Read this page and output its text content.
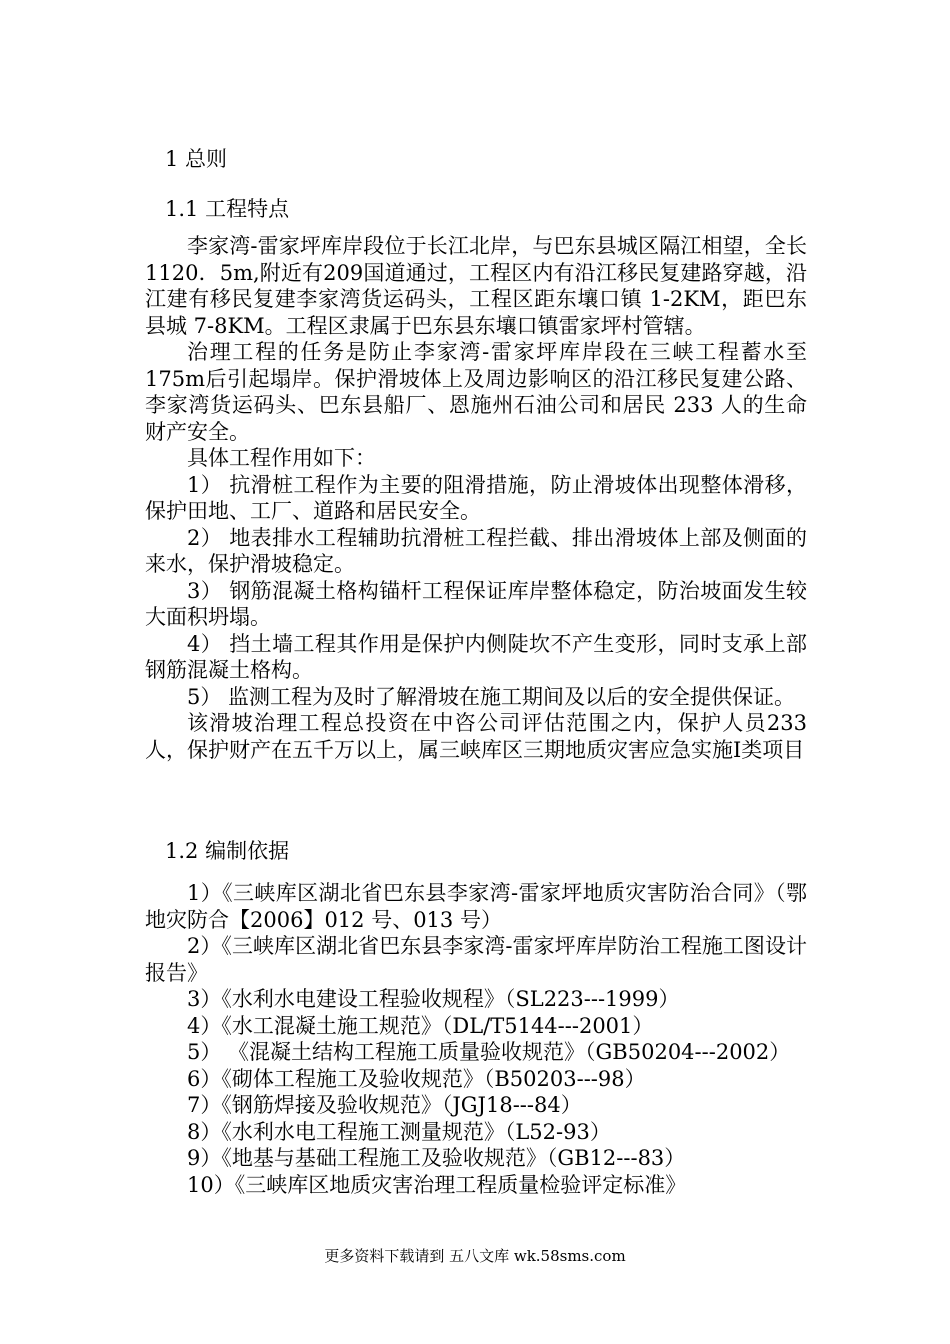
1 总则
1.1 工程特点

李家湾-雷家坪库岸段位于长江北岸，与巴东县城区隔江相望，全长1120．5m,附近有209国道通过，工程区内有沿江移民复建路穿越，沿江建有移民复建李家湾货运码头，工程区距东壤口镇 1-2KM，距巴东县城 7-8KM。工程区隶属于巴东县东壤口镇雷家坪村管辖。

治理工程的任务是防止李家湾-雷家坪库岸段在三峡工程蓄水至175m后引起塌岸。保护滑坡体上及周边影响区的沿江移民复建公路、李家湾货运码头、巴东县船厂、恩施州石油公司和居民 233 人的生命财产安全。

具体工程作用如下：

1） 抗滑桩工程作为主要的阻滑措施，防止滑坡体出现整体滑移，保护田地、工厂、道路和居民安全。

2） 地表排水工程辅助抗滑桩工程拦截、排出滑坡体上部及侧面的来水，保护滑坡稳定。

3） 钢筋混凝土格构锚杆工程保证库岸整体稳定，防治坡面发生较大面积坍塌。

4） 挡土墙工程其作用是保护内侧陡坎不产生变形，同时支承上部钢筋混凝土格构。

5） 监测工程为及时了解滑坡在施工期间及以后的安全提供保证。

该滑坡治理工程总投资在中咨公司评估范围之内，保护人员233 人，保护财产在五千万以上，属三峡库区三期地质灾害应急实施Ⅰ类项目

1.2 编制依据

1）《三峡库区湖北省巴东县李家湾-雷家坪地质灾害防治合同》（鄂地灾防合【2006】012 号、013 号）

2）《三峡库区湖北省巴东县李家湾-雷家坪库岸防治工程施工图设计报告》

3）《水利水电建设工程验收规程》（SL223---1999）

4）《水工混凝土施工规范》（DL/T5144---2001）

5） 《混凝土结构工程施工质量验收规范》（GB50204---2002）

6）《砌体工程施工及验收规范》（B50203---98）

7）《钢筋焊接及验收规范》（JGJ18---84）

8）《水利水电工程施工测量规范》（L52-93）

9）《地基与基础工程施工及验收规范》（GB12---83）

10）《三峡库区地质灾害治理工程质量检验评定标准》

更多资料下载请到 五八文库 wk.58sms.com
